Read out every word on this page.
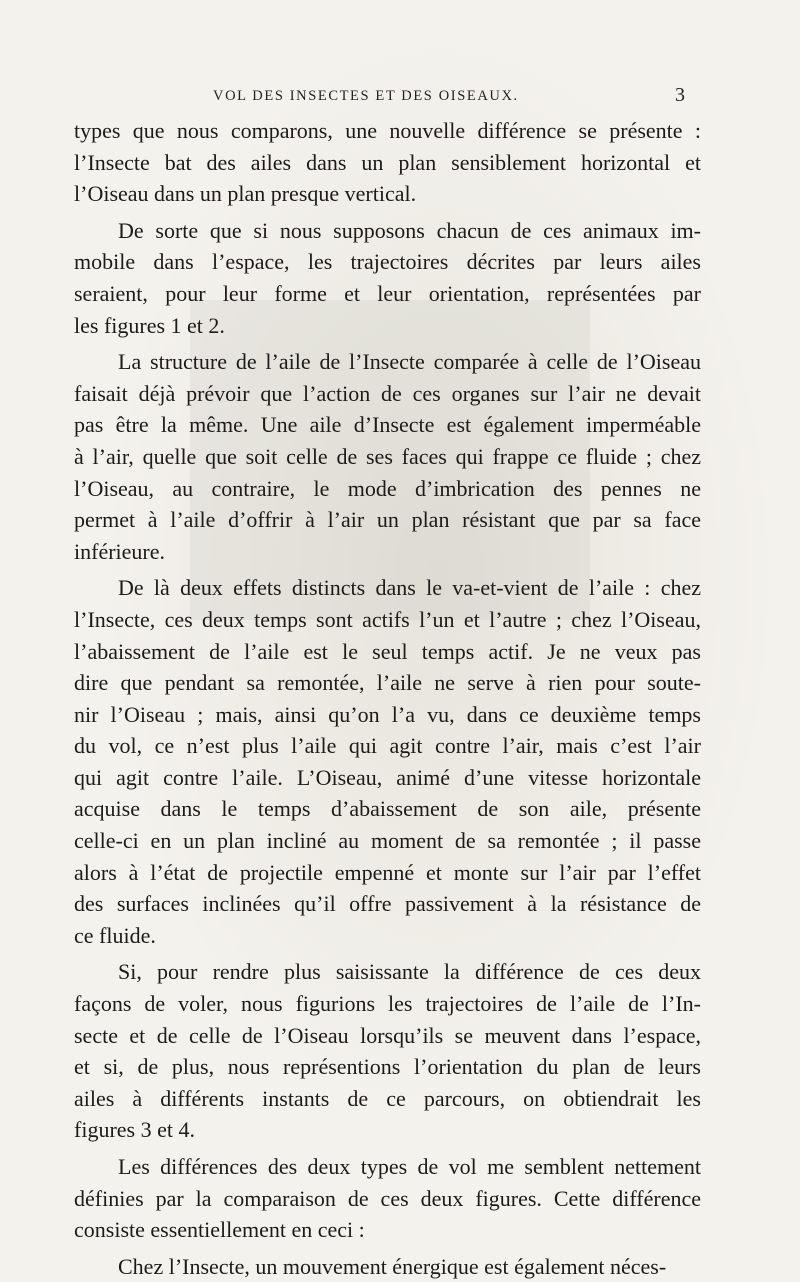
VOL DES INSECTES ET DES OISEAUX.	3
types que nous comparons, une nouvelle différence se présente :
l’Insecte bat des ailes dans un plan sensiblement horizontal et
l’Oiseau dans un plan presque vertical.
De sorte que si nous supposons chacun de ces animaux im-
mobile dans l’espace, les trajectoires décrites par leurs ailes
seraient, pour leur forme et leur orientation, représentées par
les figures 1 et 2.
La structure de l’aile de l’Insecte comparée à celle de l’Oiseau
faisait déjà prévoir que l’action de ces organes sur l’air ne devait
pas être la même. Une aile d’Insecte est également imperméable
à l’air, quelle que soit celle de ses faces qui frappe ce fluide ; chez
l’Oiseau, au contraire, le mode d’imbrication des pennes ne
permet à l’aile d’offrir à l’air un plan résistant que par sa face
inférieure.
De là deux effets distincts dans le va-et-vient de l’aile : chez
l’Insecte, ces deux temps sont actifs l’un et l’autre ; chez l’Oiseau,
l’abaissement de l’aile est le seul temps actif. Je ne veux pas
dire que pendant sa remontée, l’aile ne serve à rien pour soute-
nir l’Oiseau ; mais, ainsi qu’on l’a vu, dans ce deuxième temps
du vol, ce n’est plus l’aile qui agit contre l’air, mais c’est l’air
qui agit contre l’aile. L’Oiseau, animé d’une vitesse horizontale
acquise dans le temps d’abaissement de son aile, présente
celle-ci en un plan incliné au moment de sa remontée ; il passe
alors à l’état de projectile empenné et monte sur l’air par l’effet
des surfaces inclinées qu’il offre passivement à la résistance de
ce fluide.
Si, pour rendre plus saisissante la différence de ces deux
façons de voler, nous figurions les trajectoires de l’aile de l’In-
secte et de celle de l’Oiseau lorsqu’ils se meuvent dans l’espace,
et si, de plus, nous représentions l’orientation du plan de leurs
ailes à différents instants de ce parcours, on obtiendrait les
figures 3 et 4.
Les différences des deux types de vol me semblent nettement
définies par la comparaison de ces deux figures. Cette différence
consiste essentiellement en ceci :
Chez l’Insecte, un mouvement énergique est également néces-
